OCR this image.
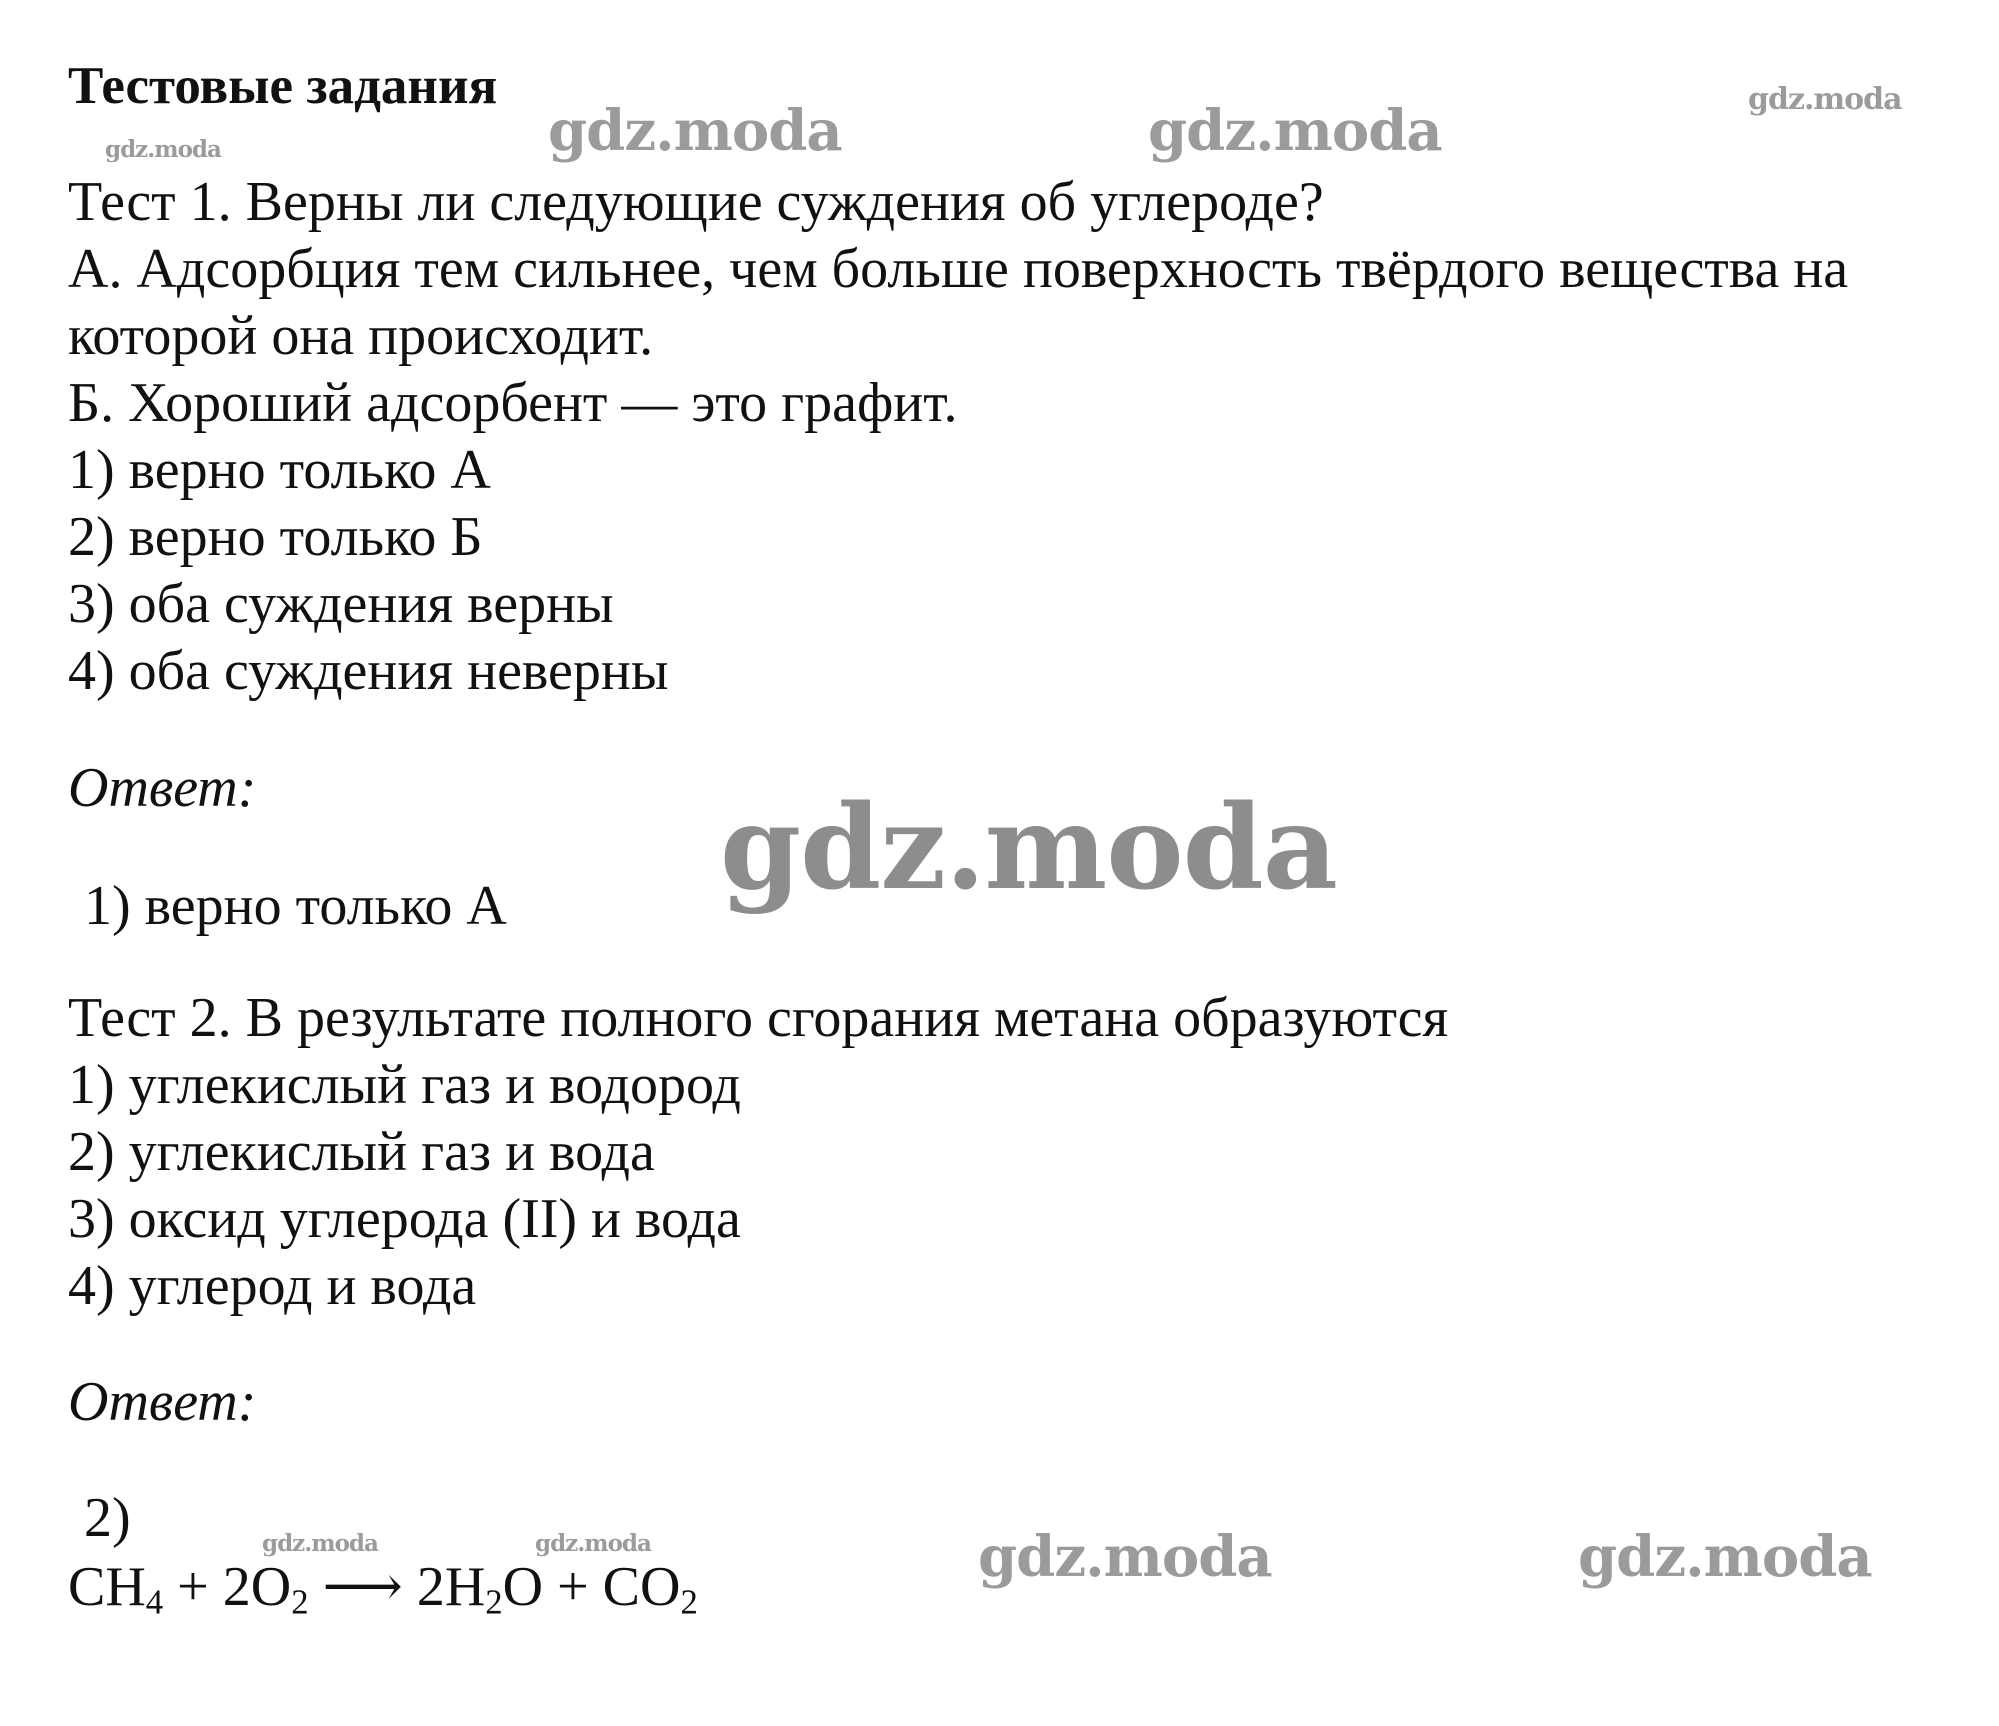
gdz.moda	gdz.moda	gdz.moda	gdz.moda
gdz.moda
gdz.moda	gdz.moda	gdz.moda	gdz.moda
Тестовые задания
Тест 1. Верны ли следующие суждения об углероде?
А. Адсорбция тем сильнее, чем больше поверхность твёрдого вещества на
которой она происходит.
Б. Хороший адсорбент — это графит.
1) верно только А
2) верно только Б
3) оба суждения верны
4) оба суждения неверны
Ответ:
1) верно только А
Тест 2. В результате полного сгорания метана образуются
1) углекислый газ и водород
2) углекислый газ и вода
3) оксид углерода (II) и вода
4) углерод и вода
Ответ:
2)
$CH_4 + 2O_2$ ⟶ $2H_2O + CO_2$
